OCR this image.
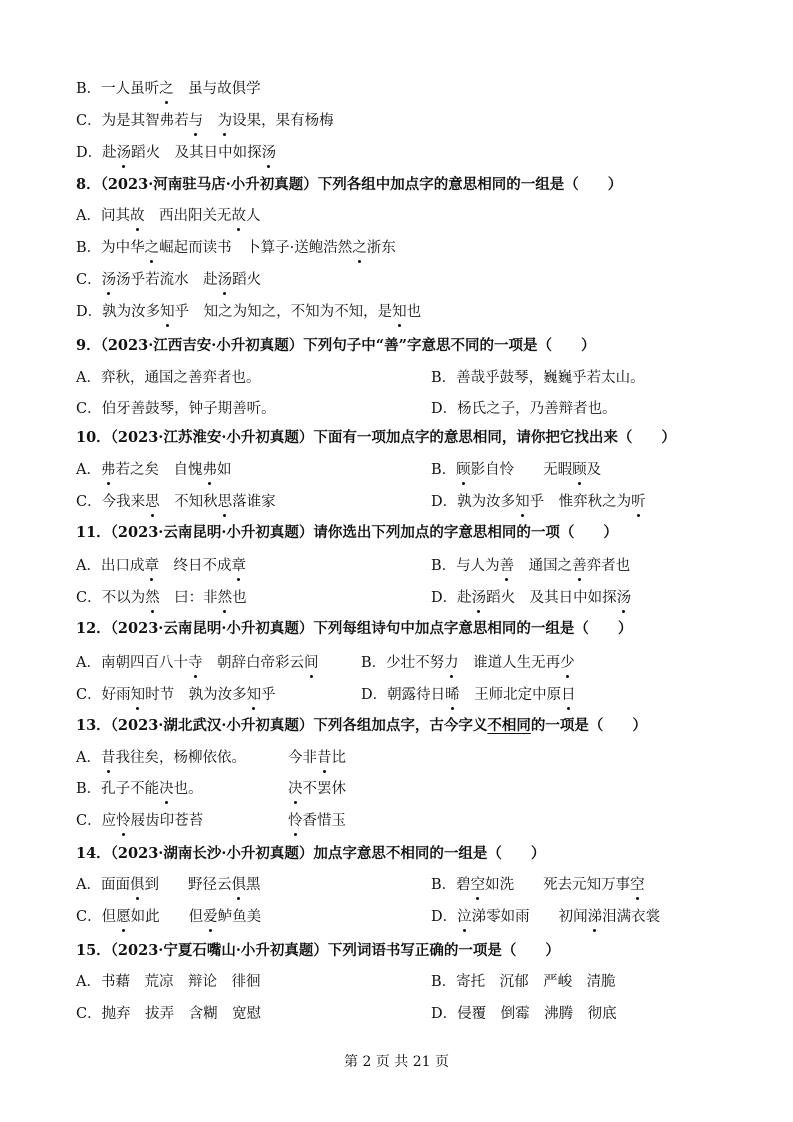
B．一人虽听之　虽与故俱学
C．为是其智弗若与　 为设果，果有杨梅
D．赴汤蹈火　及其日中如探汤
8．（2023·河南驻马店·小升初真题）下列各组中加点字的意思相同的一组是（　　）
A．问其故　西出阳关无故人
B．为中华之崛起而读书　卜算子·送鲍浩然之浙东
C．汤汤乎若流水　赴汤蹈火
D．孰为汝多知乎　知之为知之，不知为不知，是知也
9．（2023·江西吉安·小升初真题）下列句子中“善”字意思不同的一项是（　　）
A．弈秋，通国之善弈者也。	B．善哉乎鼓琴，巍巍乎若太山。
C．伯牙善鼓琴，钟子期善听。	D．杨氏之子，乃善辩者也。
10．（2023·江苏淮安·小升初真题）下面有一项加点字的意思相同，请你把它找出来（　　）
A．弗若之矣　自愧弗如	B．顾影自怜　　无暇顾及
C．今我来思　不知秋思落谁家	D．孰为汝多知乎　惟弈秋之为听
11．（2023·云南昆明·小升初真题）请你选出下列加点的字意思相同的一项（　　）
A．出口成章　终日不成章	B．与人为善　通国之善弈者也
C．不以为然　曰：非然也	D．赴汤蹈火　及其日中如探汤
12．（2023·云南昆明·小升初真题）下列每组诗句中加点字意思相同的一组是（　　）
A．南朝四百八十寺　朝辞白帝彩云间	B．少壮不努力　谁道人生无再少
C．好雨知时节　孰为汝多知乎	D．朝露待日晞　王师北定中原日
13．（2023·湖北武汉·小升初真题）下列各组加点字，古今字义不相同的一项是（　　）
A．昔我往矣，杨柳依依。	今非昔比
B．孔子不能决也。	决不罢休
C．应怜屐齿印苍苔	怜香惜玉
14．（2023·湖南长沙·小升初真题）加点字意思不相同的一组是（　　）
A．面面俱到　　野径云俱黑	B．碧空如洗　　死去元知万事空
C．但愿如此　　但爱鲈鱼美	D．泣涕零如雨　　初闻涕泪满衣裳
15．（2023·宁夏石嘴山·小升初真题）下列词语书写正确的一项是（　　）
A．书藉　荒凉　辩论　徘徊	B．寄托　沉郁　严峻　清脆
C．抛弃　拔弄　含糊　宽慰	D．侵覆　倒霉　沸腾　彻底
第 2 页 共 21 页
